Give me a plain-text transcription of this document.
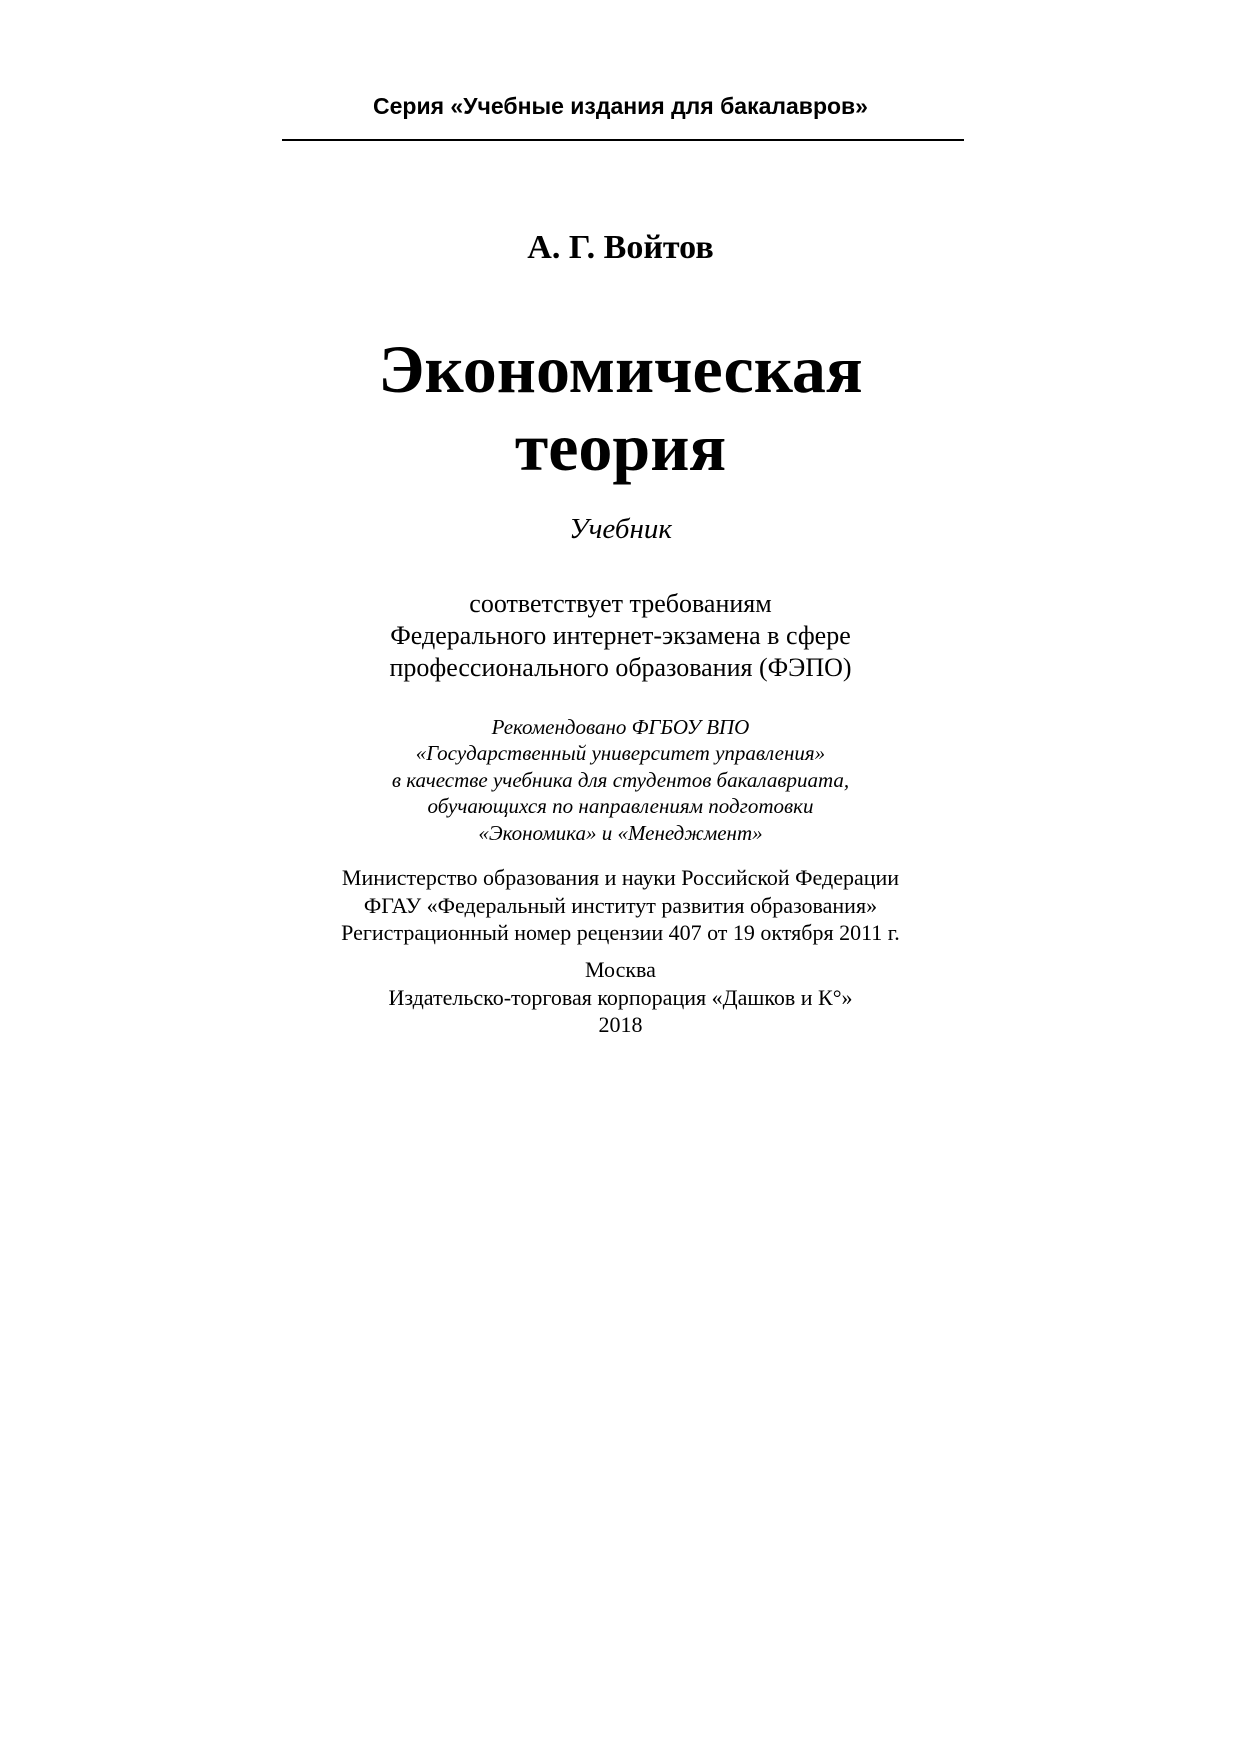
Серия «Учебные издания для бакалавров»
А. Г. Войтов
Экономическая
теория
Учебник
соответствует требованиям
Федерального интернет-экзамена в сфере
профессионального образования (ФЭПО)
Рекомендовано ФГБОУ ВПО
«Государственный университет управления»
в качестве учебника для студентов бакалавриата,
обучающихся по направлениям подготовки
«Экономика» и «Менеджмент»
Министерство образования и науки Российской Федерации
ФГАУ «Федеральный институт развития образования»
Регистрационный номер рецензии 407 от 19 октября 2011 г.
Москва
Издательско-торговая корпорация «Дашков и К°»
2018
